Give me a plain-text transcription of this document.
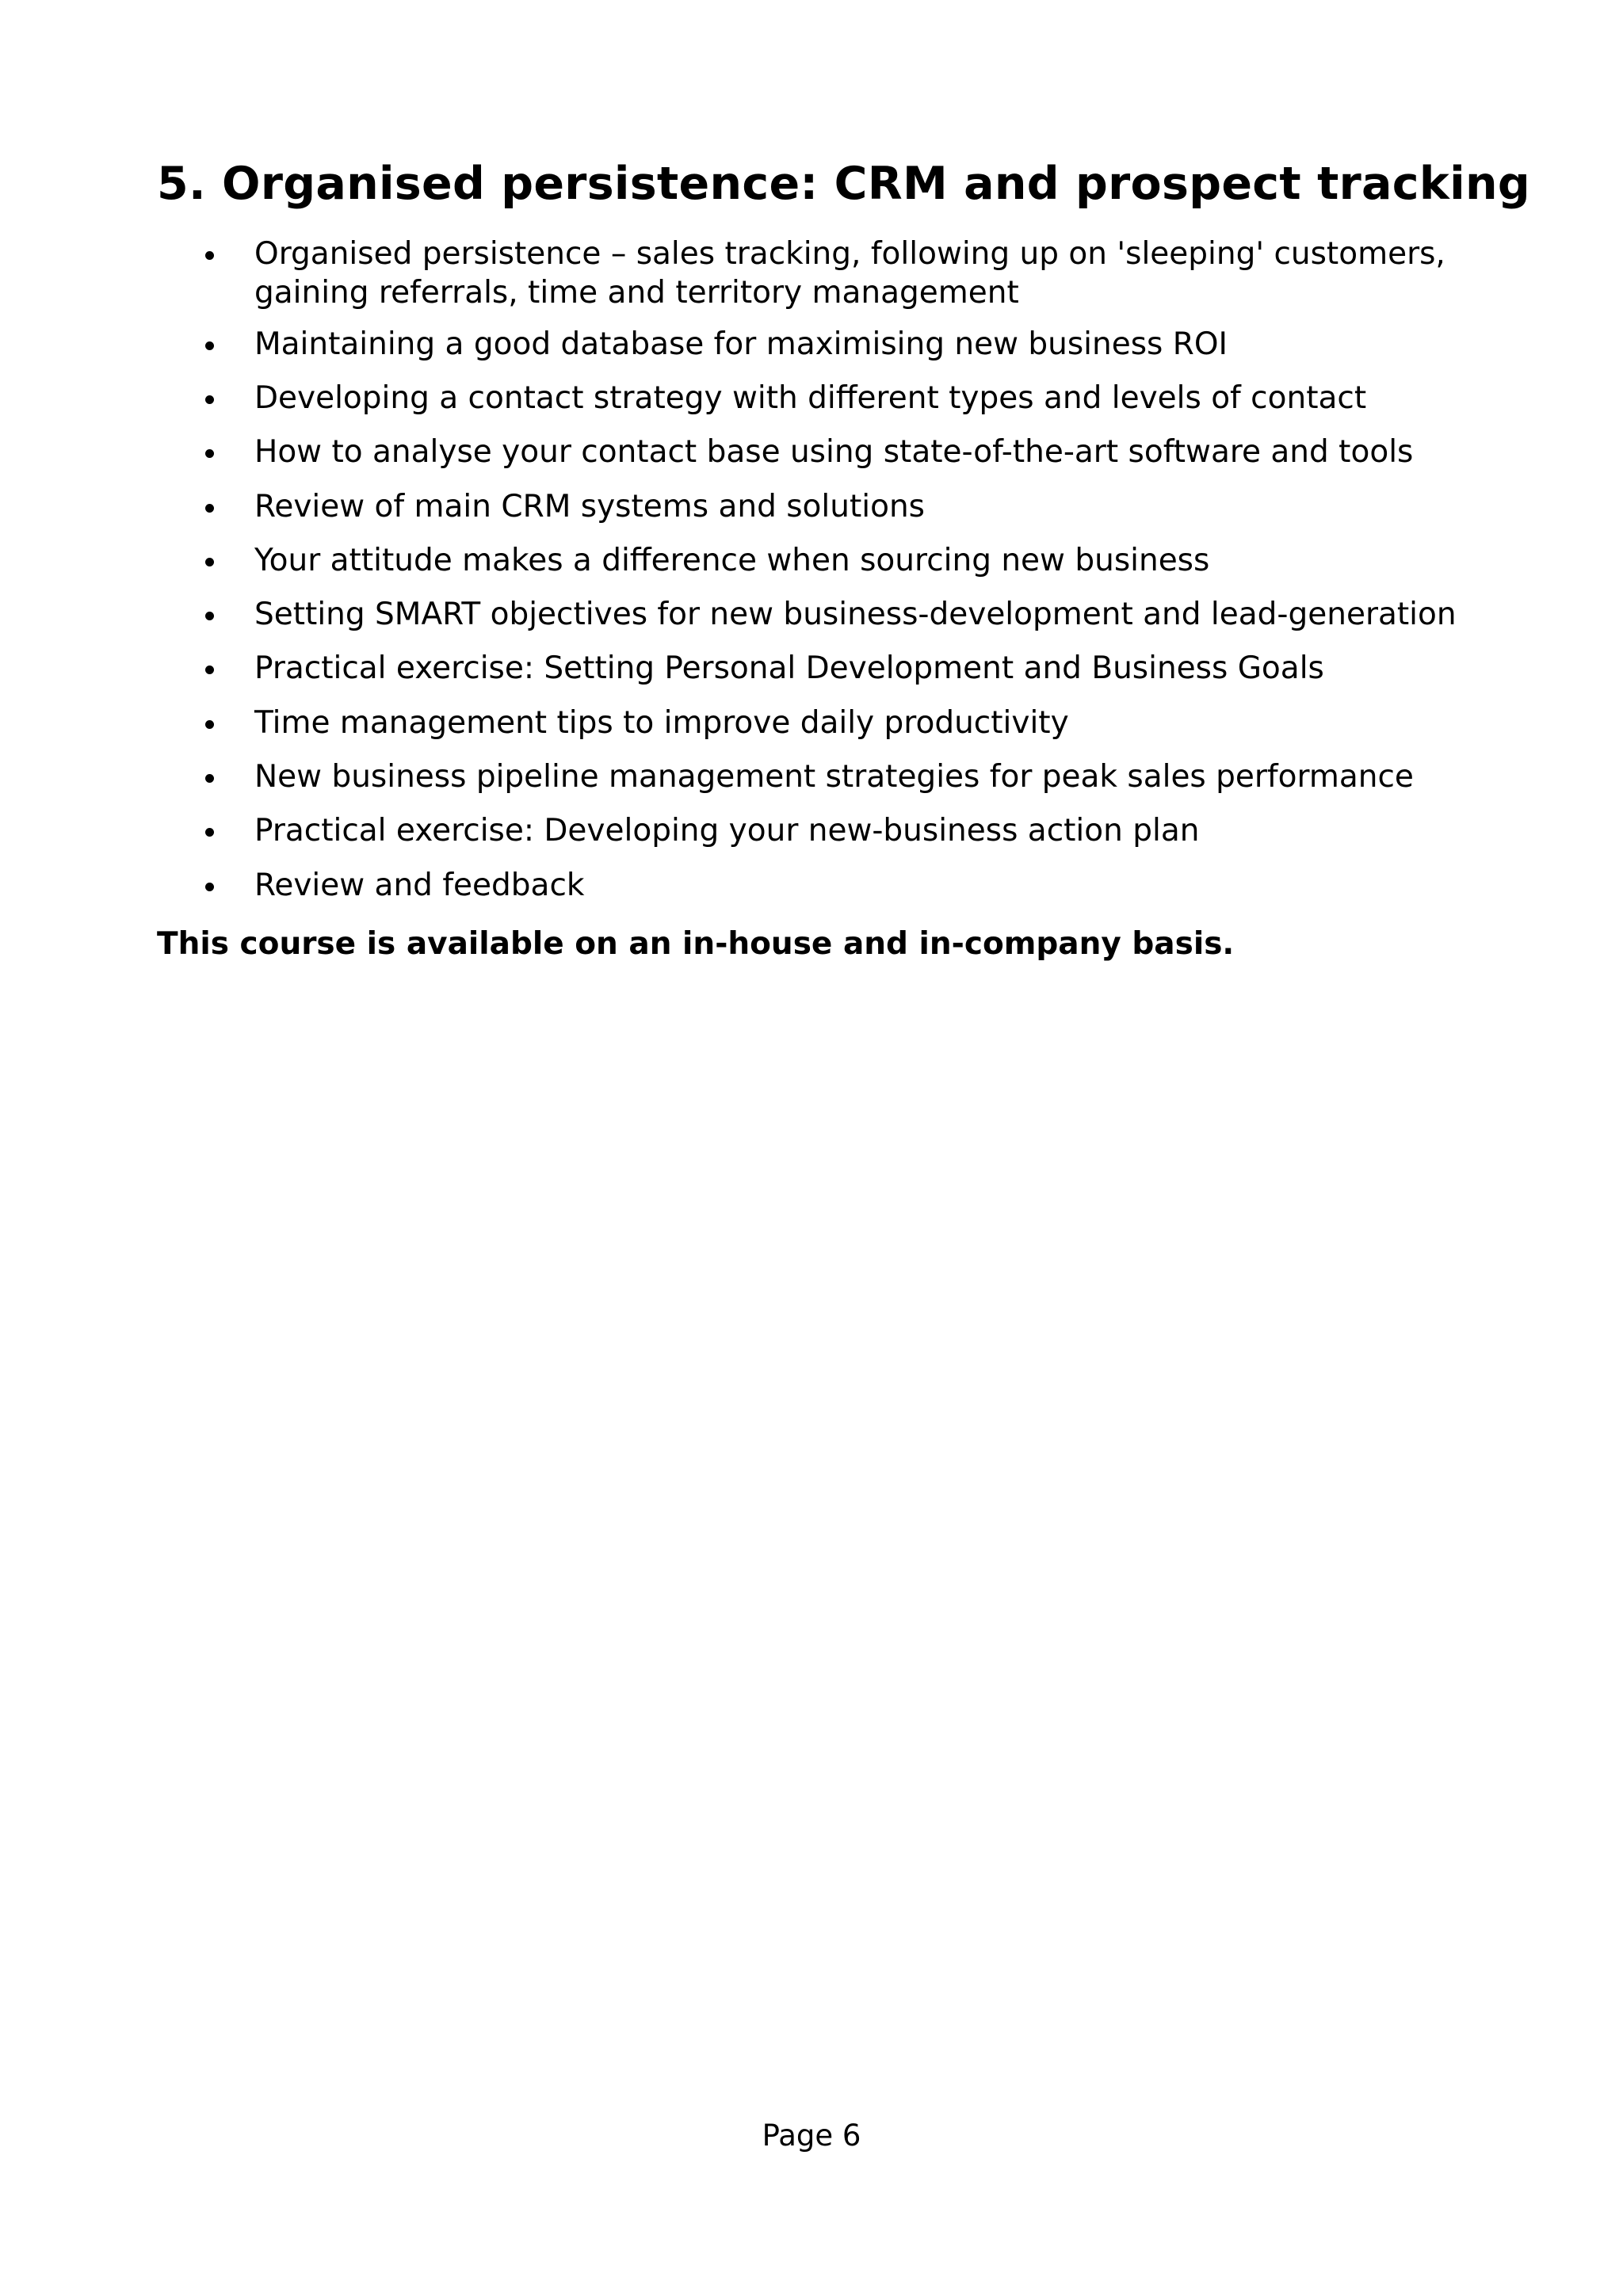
5. Organised persistence: CRM and prospect tracking
Organised persistence – sales tracking, following up on 'sleeping' customers,
gaining referrals, time and territory management
Maintaining a good database for maximising new business ROI
Developing a contact strategy with different types and levels of contact
How to analyse your contact base using state-of-the-art software and tools
Review of main CRM systems and solutions
Your attitude makes a difference when sourcing new business
Setting SMART objectives for new business-development and lead-generation
Practical exercise: Setting Personal Development and Business Goals
Time management tips to improve daily productivity
New business pipeline management strategies for peak sales performance
Practical exercise: Developing your new-business action plan
Review and feedback

This course is available on an in-house and in-company basis.

Page 6
